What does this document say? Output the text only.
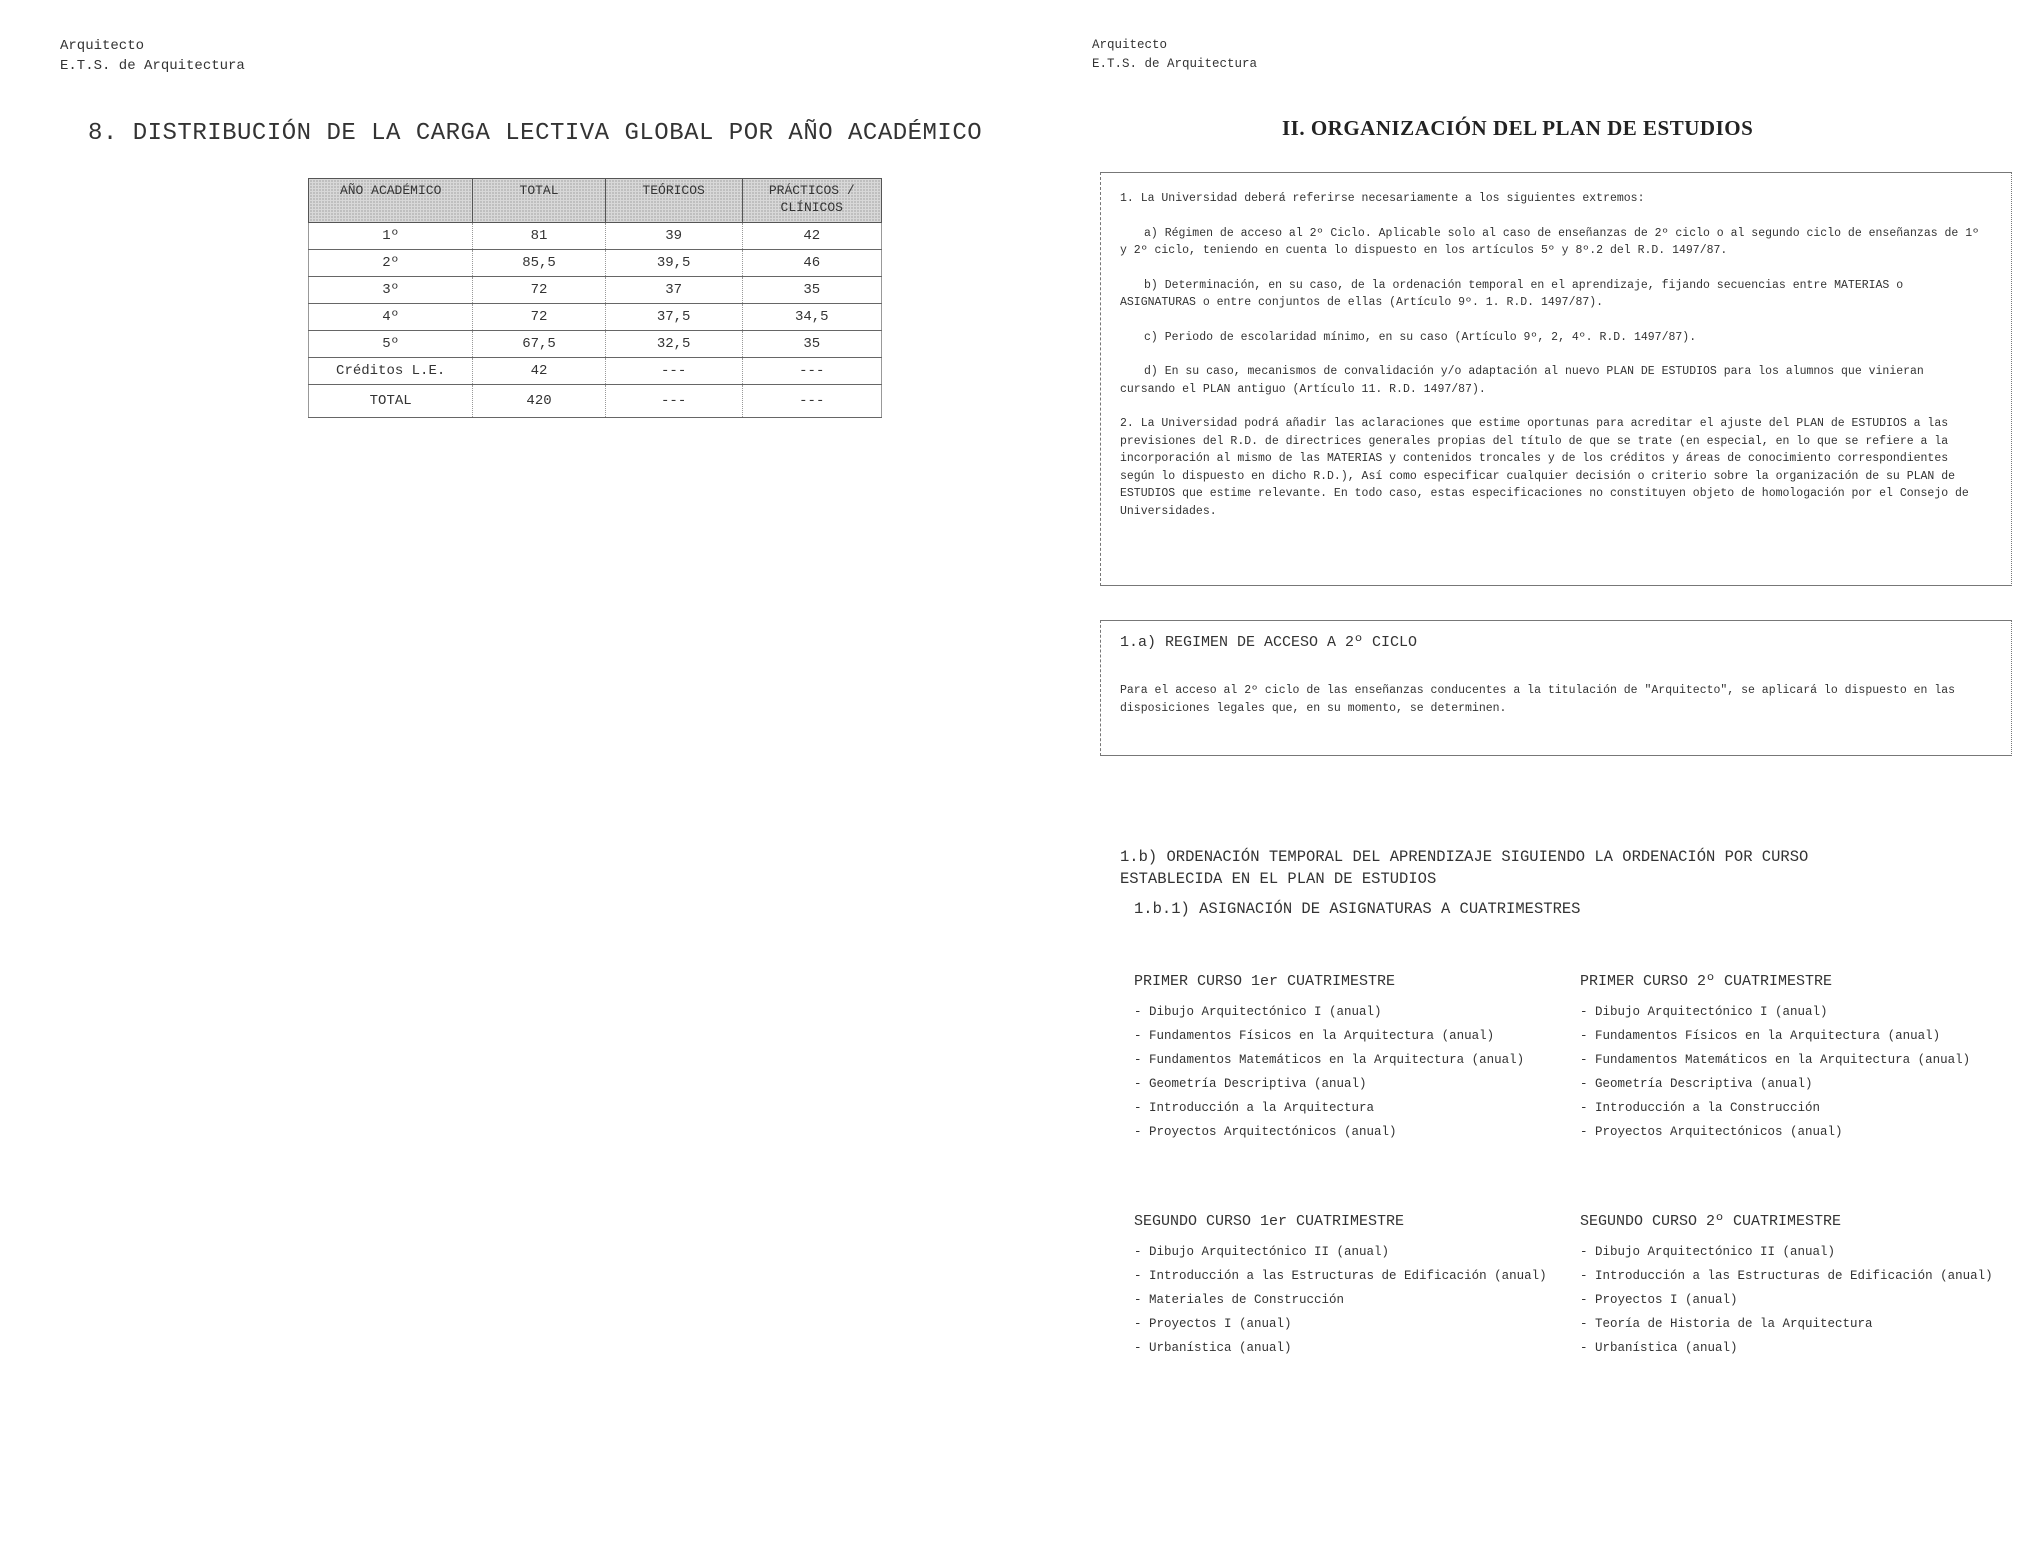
Arquitecto
E.T.S. de Arquitectura
8. DISTRIBUCIÓN DE LA CARGA LECTIVA GLOBAL POR AÑO ACADÉMICO
AÑO ACADÉMICO	TOTAL	TEÓRICOS	PRÁCTICOS / CLÍNICOS
1º	81	39	42
2º	85,5	39,5	46
3º	72	37	35
4º	72	37,5	34,5
5º	67,5	32,5	35
Créditos L.E.	42	---	---
TOTAL	420	---	---
Arquitecto
E.T.S. de Arquitectura
II. ORGANIZACIÓN DEL PLAN DE ESTUDIOS

1. La Universidad deberá referirse necesariamente a los siguientes extremos:

a) Régimen de acceso al 2º Ciclo. Aplicable solo al caso de enseñanzas de 2º ciclo o al segundo ciclo de enseñanzas de 1º y 2º ciclo, teniendo en cuenta lo dispuesto en los artículos 5º y 8º.2 del R.D. 1497/87.

b) Determinación, en su caso, de la ordenación temporal en el aprendizaje, fijando secuencias entre MATERIAS o ASIGNATURAS o entre conjuntos de ellas (Artículo 9º. 1. R.D. 1497/87).

c) Periodo de escolaridad mínimo, en su caso (Artículo 9º, 2, 4º. R.D. 1497/87).

d) En su caso, mecanismos de convalidación y/o adaptación al nuevo PLAN DE ESTUDIOS para los alumnos que vinieran cursando el PLAN antiguo (Artículo 11. R.D. 1497/87).

2. La Universidad podrá añadir las aclaraciones que estime oportunas para acreditar el ajuste del PLAN de ESTUDIOS a las previsiones del R.D. de directrices generales propias del título de que se trate (en especial, en lo que se refiere a la incorporación al mismo de las MATERIAS y contenidos troncales y de los créditos y áreas de conocimiento correspondientes según lo dispuesto en dicho R.D.), Así como especificar cualquier decisión o criterio sobre la organización de su PLAN de ESTUDIOS que estime relevante. En todo caso, estas especificaciones no constituyen objeto de homologación por el Consejo de Universidades.

1.a) REGIMEN DE ACCESO A 2º CICLO

Para el acceso al 2º ciclo de las enseñanzas conducentes a la titulación de "Arquitecto", se aplicará lo dispuesto en las disposiciones legales que, en su momento, se determinen.

1.b) ORDENACIÓN TEMPORAL DEL APRENDIZAJE SIGUIENDO LA ORDENACIÓN POR CURSO
ESTABLECIDA EN EL PLAN DE ESTUDIOS
1.b.1) ASIGNACIÓN DE ASIGNATURAS A CUATRIMESTRES
PRIMER CURSO 1er CUATRIMESTRE
- Dibujo Arquitectónico I (anual)
- Fundamentos Físicos en la Arquitectura (anual)
- Fundamentos Matemáticos en la Arquitectura (anual)
- Geometría Descriptiva (anual)
- Introducción a la Arquitectura
- Proyectos Arquitectónicos (anual)
PRIMER CURSO 2º CUATRIMESTRE
- Dibujo Arquitectónico I (anual)
- Fundamentos Físicos en la Arquitectura (anual)
- Fundamentos Matemáticos en la Arquitectura (anual)
- Geometría Descriptiva (anual)
- Introducción a la Construcción
- Proyectos Arquitectónicos (anual)
SEGUNDO CURSO 1er CUATRIMESTRE
- Dibujo Arquitectónico II (anual)
- Introducción a las Estructuras de Edificación (anual)
- Materiales de Construcción
- Proyectos I (anual)
- Urbanística (anual)
SEGUNDO CURSO 2º CUATRIMESTRE
- Dibujo Arquitectónico II (anual)
- Introducción a las Estructuras de Edificación (anual)
- Proyectos I (anual)
- Teoría de Historia de la Arquitectura
- Urbanística (anual)
